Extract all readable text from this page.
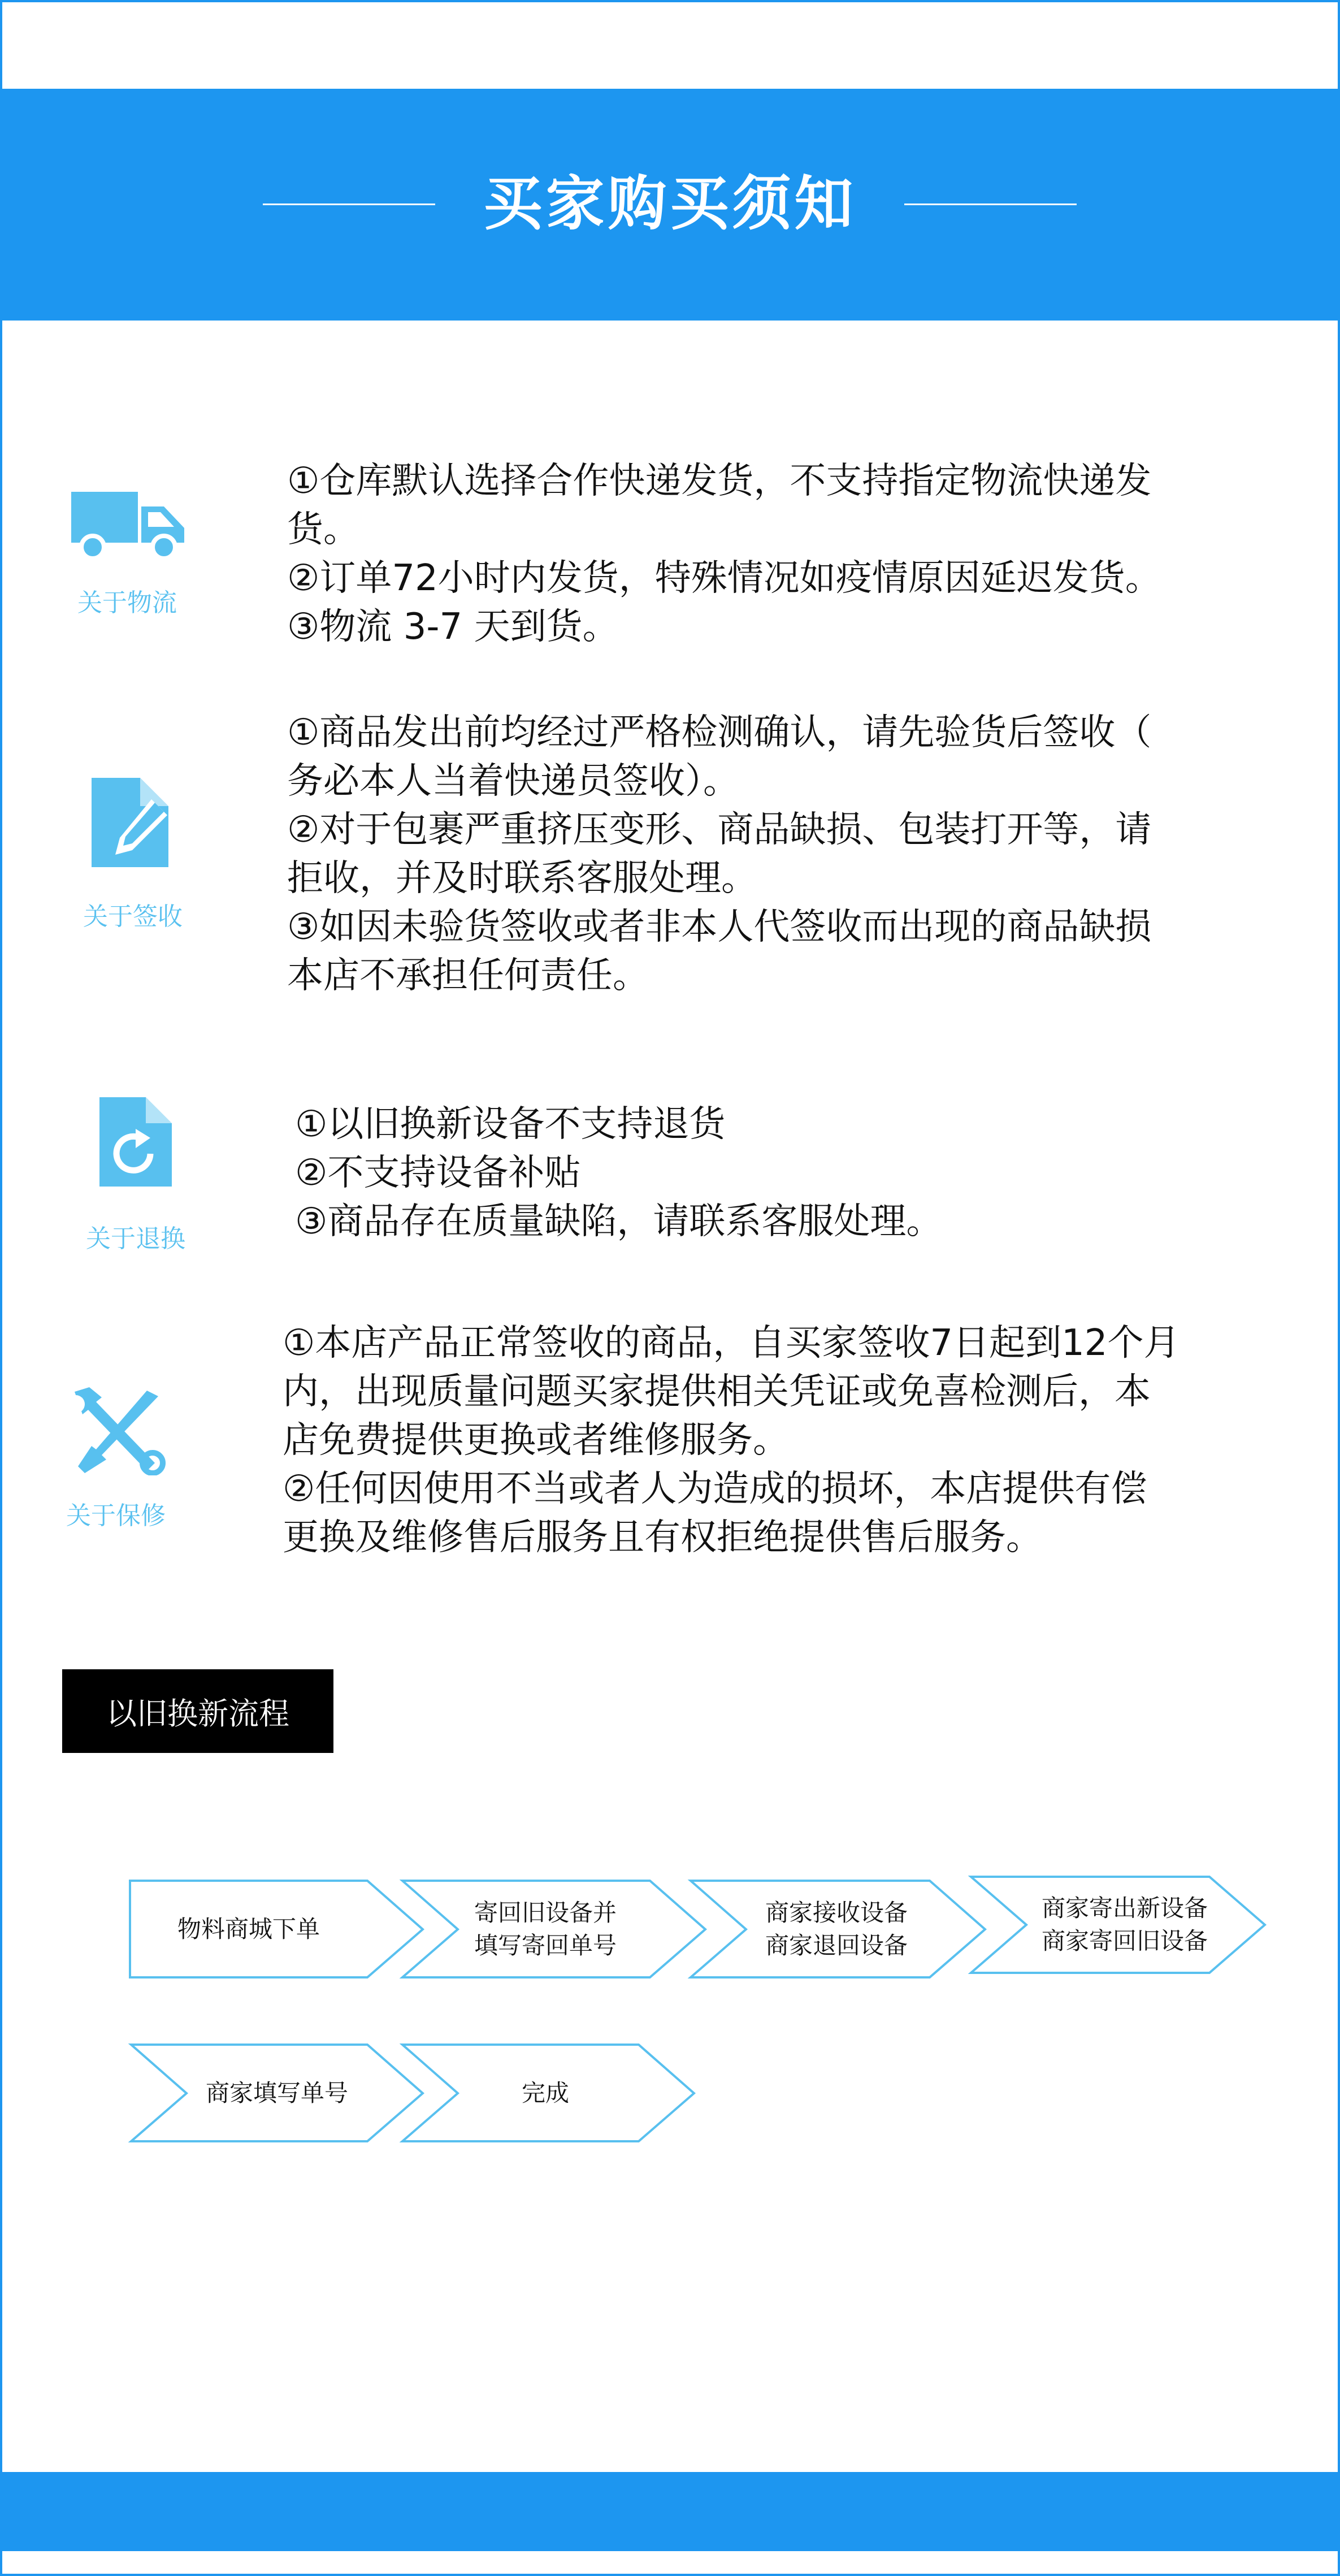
买家购买须知
关于物流
①仓库默认选择合作快递发货，不支持指定物流快递发
货。
②订单72小时内发货，特殊情况如疫情原因延迟发货。
③物流 3-7 天到货。
关于签收
①商品发出前均经过严格检测确认，请先验货后签收（
务必本人当着快递员签收）。
②对于包裹严重挤压变形、商品缺损、包装打开等，请
拒收，并及时联系客服处理。
③如因未验货签收或者非本人代签收而出现的商品缺损
本店不承担任何责任。
关于退换
①以旧换新设备不支持退货
②不支持设备补贴
③商品存在质量缺陷，请联系客服处理。
关于保修
①本店产品正常签收的商品，自买家签收7日起到12个月
内，出现质量问题买家提供相关凭证或免喜检测后，本
店免费提供更换或者维修服务。
②任何因使用不当或者人为造成的损坏，本店提供有偿
更换及维修售后服务且有权拒绝提供售后服务。
以旧换新流程
物料商城下单
寄回旧设备并
填写寄回单号
商家接收设备
商家退回设备
商家寄出新设备
商家寄回旧设备
商家填写单号	完成
